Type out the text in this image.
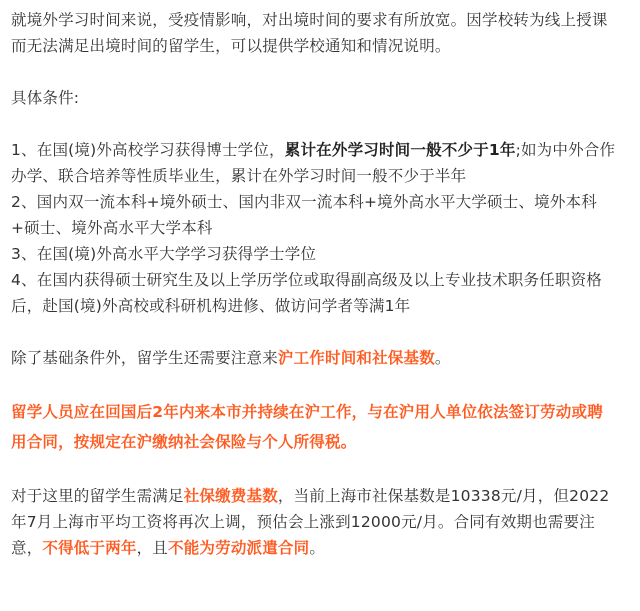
就境外学习时间来说，受疫情影响，对出境时间的要求有所放宽。因学校转为线上授课
而无法满足出境时间的留学生，可以提供学校通知和情况说明。
具体条件:
1、在国(境)外高校学习获得博士学位，累计在外学习时间一般不少于1年;如为中外合作
办学、联合培养等性质毕业生，累计在外学习时间一般不少于半年
2、国内双一流本科+境外硕士、国内非双一流本科+境外高水平大学硕士、境外本科
+硕士、境外高水平大学本科
3、在国(境)外高水平大学学习获得学士学位
4、在国内获得硕士研究生及以上学历学位或取得副高级及以上专业技术职务任职资格
后，赴国(境)外高校或科研机构进修、做访问学者等满1年
除了基础条件外，留学生还需要注意来沪工作时间和社保基数。
留学人员应在回国后2年内来本市并持续在沪工作，与在沪用人单位依法签订劳动或聘
用合同，按规定在沪缴纳社会保险与个人所得税。
对于这里的留学生需满足社保缴费基数，当前上海市社保基数是10338元/月，但2022
年7月上海市平均工资将再次上调，预估会上涨到12000元/月。合同有效期也需要注
意，不得低于两年，且不能为劳动派遣合同。
